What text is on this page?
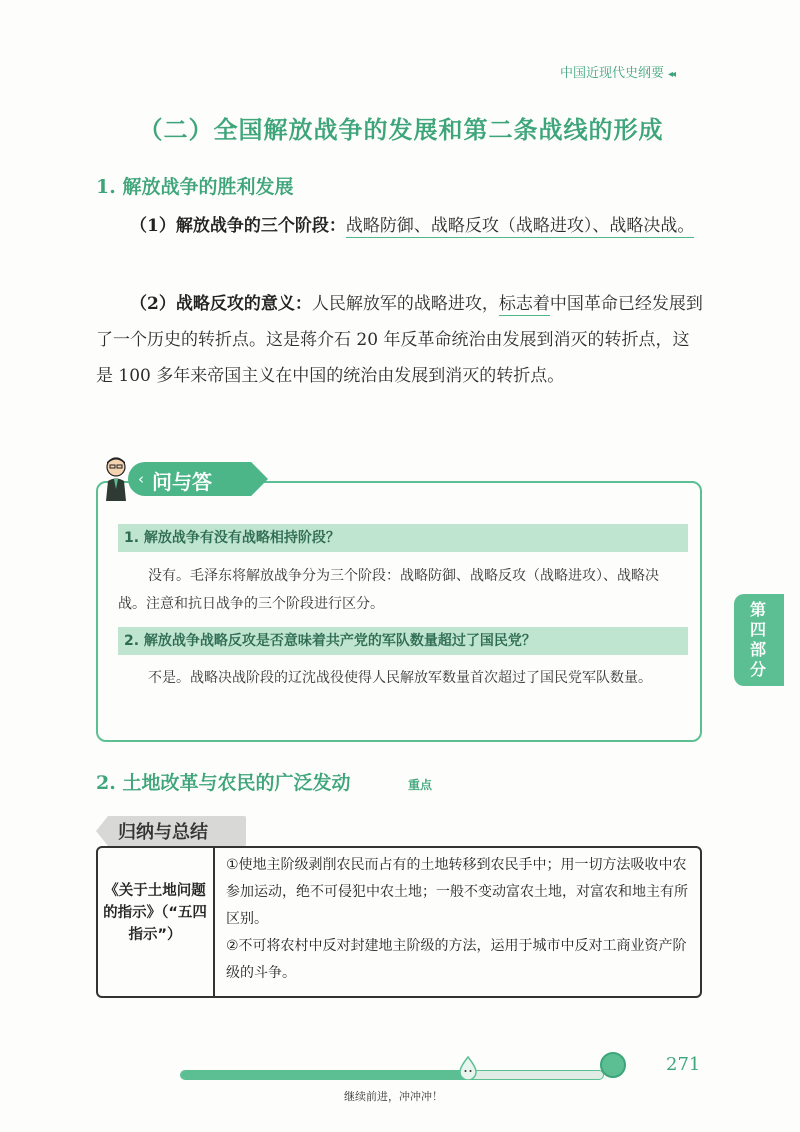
中国近现代史纲要 ◂◂
（二）全国解放战争的发展和第二条战线的形成
1. 解放战争的胜利发展
（1）解放战争的三个阶段：战略防御、战略反攻（战略进攻）、战略决战。
（2）战略反攻的意义：人民解放军的战略进攻，标志着中国革命已经发展到了一个历史的转折点。这是蒋介石 20 年反革命统治由发展到消灭的转折点，这是 100 多年来帝国主义在中国的统治由发展到消灭的转折点。
‹ 问与答
1. 解放战争有没有战略相持阶段？
没有。毛泽东将解放战争分为三个阶段：战略防御、战略反攻（战略进攻）、战略决战。注意和抗日战争的三个阶段进行区分。
2. 解放战争战略反攻是否意味着共产党的军队数量超过了国民党？
不是。战略决战阶段的辽沈战役使得人民解放军数量首次超过了国民党军队数量。
2. 土地改革与农民的广泛发动	重点
归纳与总结
《关于土地问题的指示》（“五四指示”）
①使地主阶级剥削农民而占有的土地转移到农民手中；用一切方法吸收中农参加运动，绝不可侵犯中农土地；一般不变动富农土地，对富农和地主有所区别。
②不可将农村中反对封建地主阶级的方法，运用于城市中反对工商业资产阶级的斗争。
第四部分
271
继续前进，冲冲冲！
